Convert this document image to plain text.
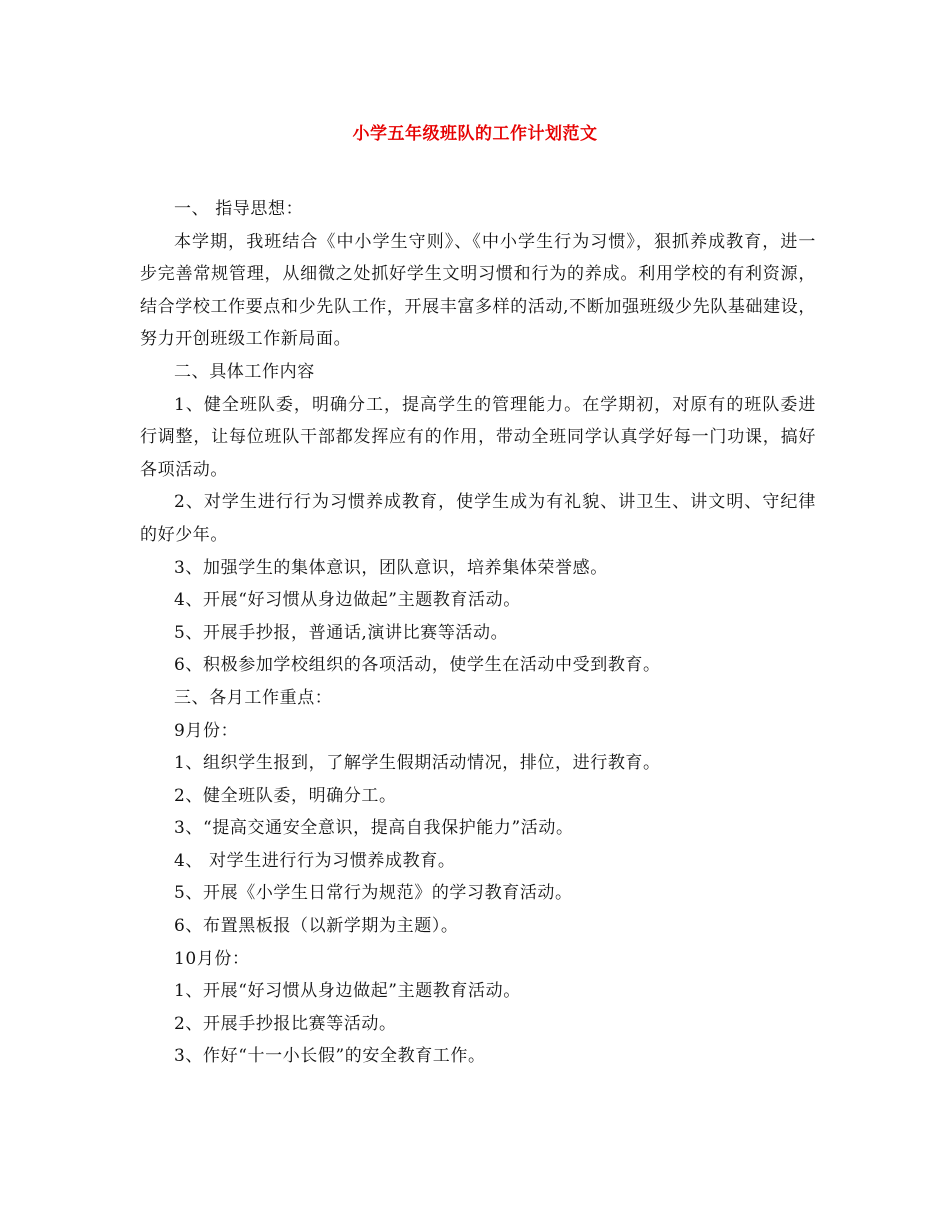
小学五年级班队的工作计划范文

一、 指导思想：

本学期，我班结合《中小学生守则》、《中小学生行为习惯》，狠抓养成教育，进一步完善常规管理，从细微之处抓好学生文明习惯和行为的养成。利用学校的有利资源，结合学校工作要点和少先队工作，开展丰富多样的活动,不断加强班级少先队基础建设，努力开创班级工作新局面。

二、具体工作内容

1、健全班队委，明确分工，提高学生的管理能力。在学期初，对原有的班队委进行调整，让每位班队干部都发挥应有的作用，带动全班同学认真学好每一门功课，搞好各项活动。

2、对学生进行行为习惯养成教育，使学生成为有礼貌、讲卫生、讲文明、守纪律的好少年。

3、加强学生的集体意识，团队意识，培养集体荣誉感。

4、开展“好习惯从身边做起”主题教育活动。

5、开展手抄报，普通话,演讲比赛等活动。

6、积极参加学校组织的各项活动，使学生在活动中受到教育。

三、各月工作重点：

9月份：

1、组织学生报到，了解学生假期活动情况，排位，进行教育。

2、健全班队委，明确分工。

3、“提高交通安全意识，提高自我保护能力”活动。

4、 对学生进行行为习惯养成教育。

5、开展《小学生日常行为规范》的学习教育活动。

6、布置黑板报（以新学期为主题）。

10月份：

1、开展“好习惯从身边做起”主题教育活动。

2、开展手抄报比赛等活动。

3、作好“十一小长假”的安全教育工作。
